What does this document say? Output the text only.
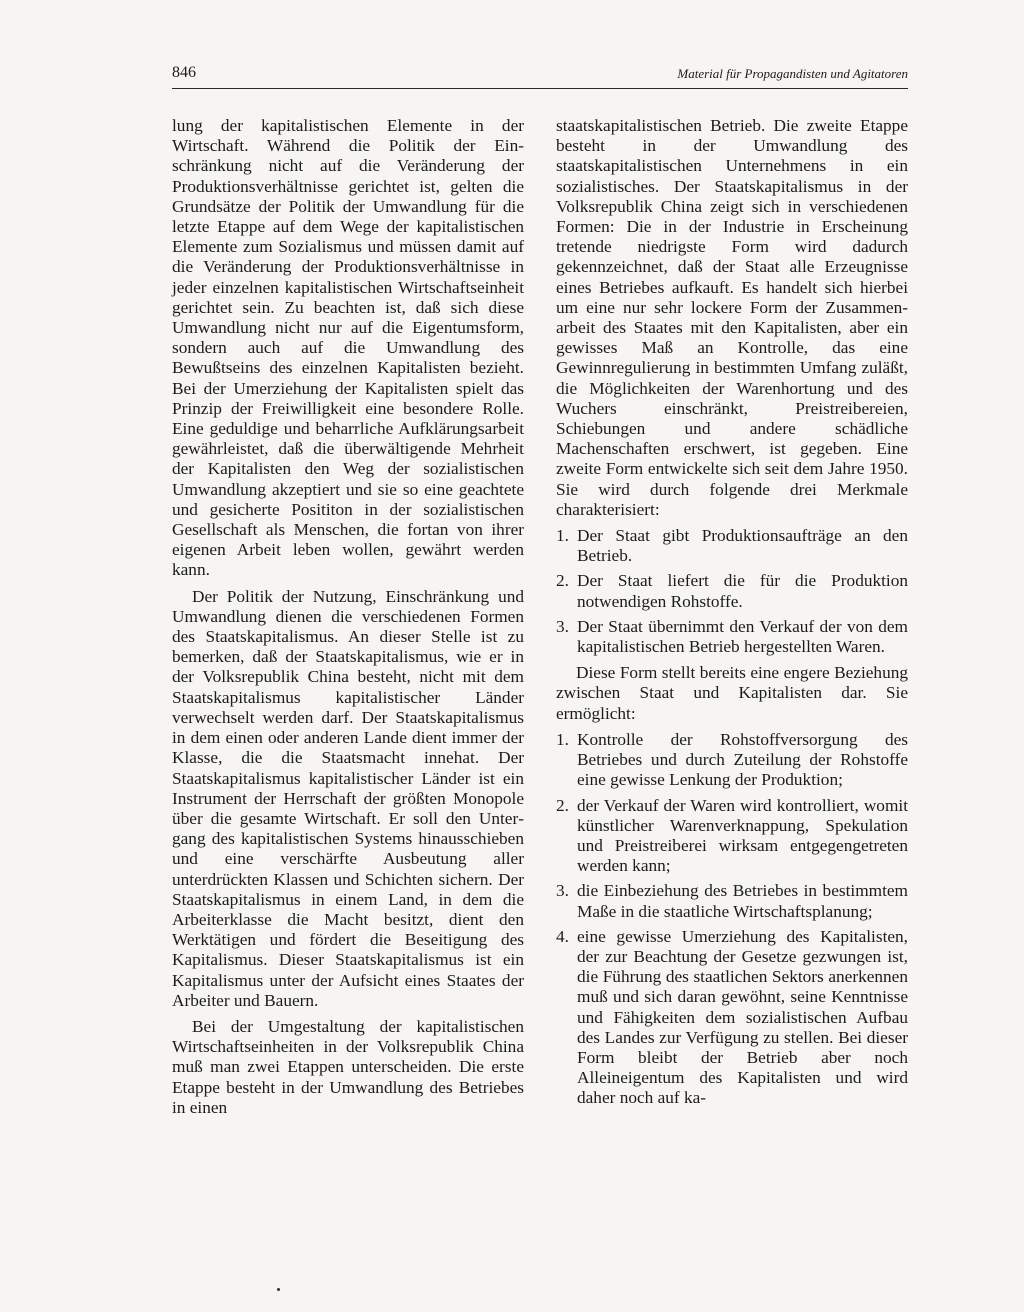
846	Material für Propagandisten und Agitatoren

lung der kapitalistischen Elemente in der Wirtschaft. Während die Politik der Einschränkung nicht auf die Veränderung der Produktionsverhältnisse gerichtet ist, gelten die Grundsätze der Politik der Umwandlung für die letzte Etappe auf dem Wege der kapitalistischen Elemente zum Sozialismus und müssen damit auf die Veränderung der Produktionsverhältnisse in jeder einzelnen kapitalistischen Wirtschaftseinheit gerichtet sein. Zu beachten ist, daß sich diese Umwandlung nicht nur auf die Eigentumsform, sondern auch auf die Umwandlung des Bewußtseins des einzelnen Kapitalisten bezieht. Bei der Umerziehung der Kapitalisten spielt das Prinzip der Freiwilligkeit eine besondere Rolle. Eine geduldige und beharrliche Aufklärungsarbeit gewährleistet, daß die überwältigende Mehrheit der Kapitalisten den Weg der sozialistischen Umwandlung akzeptiert und sie so eine geachtete und gesicherte Posititon in der sozialistischen Gesellschaft als Menschen, die fortan von ihrer eigenen Arbeit leben wollen, gewährt werden kann.

Der Politik der Nutzung, Einschränkung und Umwandlung dienen die verschiedenen Formen des Staatskapitalismus. An dieser Stelle ist zu bemerken, daß der Staatskapitalismus, wie er in der Volksrepublik China besteht, nicht mit dem Staatskapitalismus kapitalistischer Länder verwechselt werden darf. Der Staatskapitalismus in dem einen oder anderen Lande dient immer der Klasse, die die Staatsmacht innehat. Der Staatskapitalismus kapitalistischer Länder ist ein Instrument der Herrschaft der größten Monopole über die gesamte Wirtschaft. Er soll den Untergang des kapitalistischen Systems hinausschieben und eine verschärfte Ausbeutung aller unterdrückten Klassen und Schichten sichern. Der Staatskapitalismus in einem Land, in dem die Arbeiterklasse die Macht besitzt, dient den Werktätigen und fördert die Beseitigung des Kapitalismus. Dieser Staatskapitalismus ist ein Kapitalismus unter der Aufsicht eines Staates der Arbeiter und Bauern.

Bei der Umgestaltung der kapitalistischen Wirtschaftseinheiten in der Volksrepublik China muß man zwei Etappen unterscheiden. Die erste Etappe besteht in der Umwandlung des Betriebes in einen

staatskapitalistischen Betrieb. Die zweite Etappe besteht in der Umwandlung des staatskapitalistischen Unternehmens in ein sozialistisches. Der Staatskapitalismus in der Volksrepublik China zeigt sich in verschiedenen Formen: Die in der Industrie in Erscheinung tretende niedrigste Form wird dadurch gekennzeichnet, daß der Staat alle Erzeugnisse eines Betriebes aufkauft. Es handelt sich hierbei um eine nur sehr lockere Form der Zusammenarbeit des Staates mit den Kapitalisten, aber ein gewisses Maß an Kontrolle, das eine Gewinnregulierung in bestimmten Umfang zuläßt, die Möglichkeiten der Warenhortung und des Wuchers einschränkt, Preistreibereien, Schiebungen und andere schädliche Machenschaften erschwert, ist gegeben. Eine zweite Form entwickelte sich seit dem Jahre 1950. Sie wird durch folgende drei Merkmale charakterisiert:

1. Der Staat gibt Produktionsaufträge an den Betrieb.
2. Der Staat liefert die für die Produktion notwendigen Rohstoffe.
3. Der Staat übernimmt den Verkauf der von dem kapitalistischen Betrieb hergestellten Waren.

Diese Form stellt bereits eine engere Beziehung zwischen Staat und Kapitalisten dar. Sie ermöglicht:

1. Kontrolle der Rohstoffversorgung des Betriebes und durch Zuteilung der Rohstoffe eine gewisse Lenkung der Produktion;
2. der Verkauf der Waren wird kontrolliert, womit künstlicher Warenverknappung, Spekulation und Preistreiberei wirksam entgegengetreten werden kann;
3. die Einbeziehung des Betriebes in bestimmtem Maße in die staatliche Wirtschaftsplanung;
4. eine gewisse Umerziehung des Kapitalisten, der zur Beachtung der Gesetze gezwungen ist, die Führung des staatlichen Sektors anerkennen muß und sich daran gewöhnt, seine Kenntnisse und Fähigkeiten dem sozialistischen Aufbau des Landes zur Verfügung zu stellen. Bei dieser Form bleibt der Betrieb aber noch Alleineigentum des Kapitalisten und wird daher noch auf ka-
